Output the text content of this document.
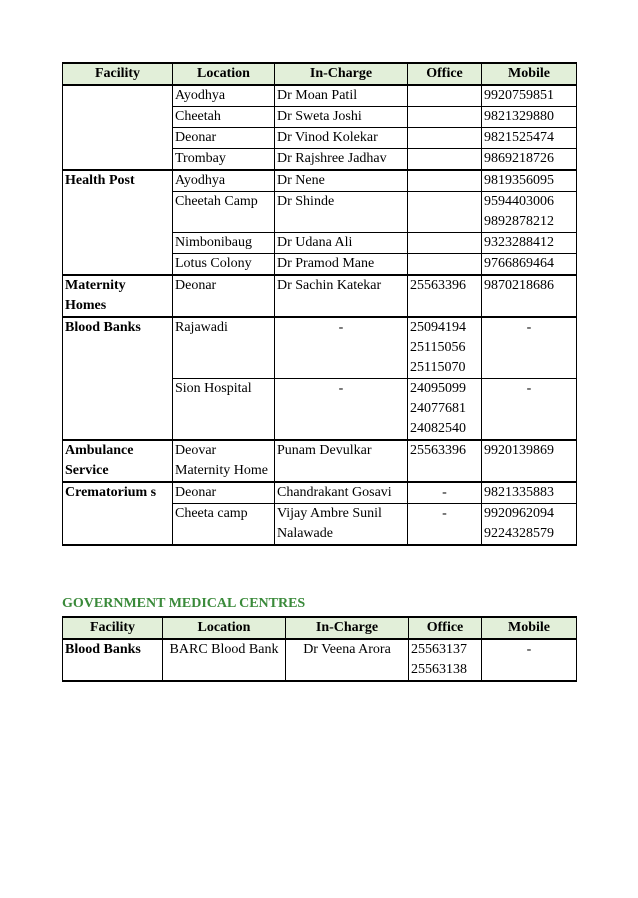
Facility	Location	In-Charge	Office	Mobile
	Ayodhya	Dr Moan Patil		9920759851
	Cheetah	Dr Sweta Joshi		9821329880
	Deonar	Dr Vinod Kolekar		9821525474
	Trombay	Dr Rajshree Jadhav		9869218726
Health Post	Ayodhya	Dr Nene		9819356095
	Cheetah Camp	Dr Shinde		9594403006 9892878212
	Nimbonibaug	Dr Udana Ali		9323288412
	Lotus Colony	Dr Pramod Mane		9766869464
Maternity Homes	Deonar	Dr Sachin Katekar	25563396	9870218686
Blood Banks	Rajawadi	-	25094194 25115056 25115070	-
	Sion Hospital	-	24095099 24077681 24082540	-
Ambulance Service	Deovar Maternity Home	Punam Devulkar	25563396	9920139869
Crematorium s	Deonar	Chandrakant Gosavi	-	9821335883
	Cheeta camp	Vijay Ambre Sunil Nalawade	-	9920962094 9224328579
GOVERNMENT MEDICAL CENTRES
Facility	Location	In-Charge	Office	Mobile
Blood Banks	BARC Blood Bank	Dr Veena Arora	25563137 25563138	-
